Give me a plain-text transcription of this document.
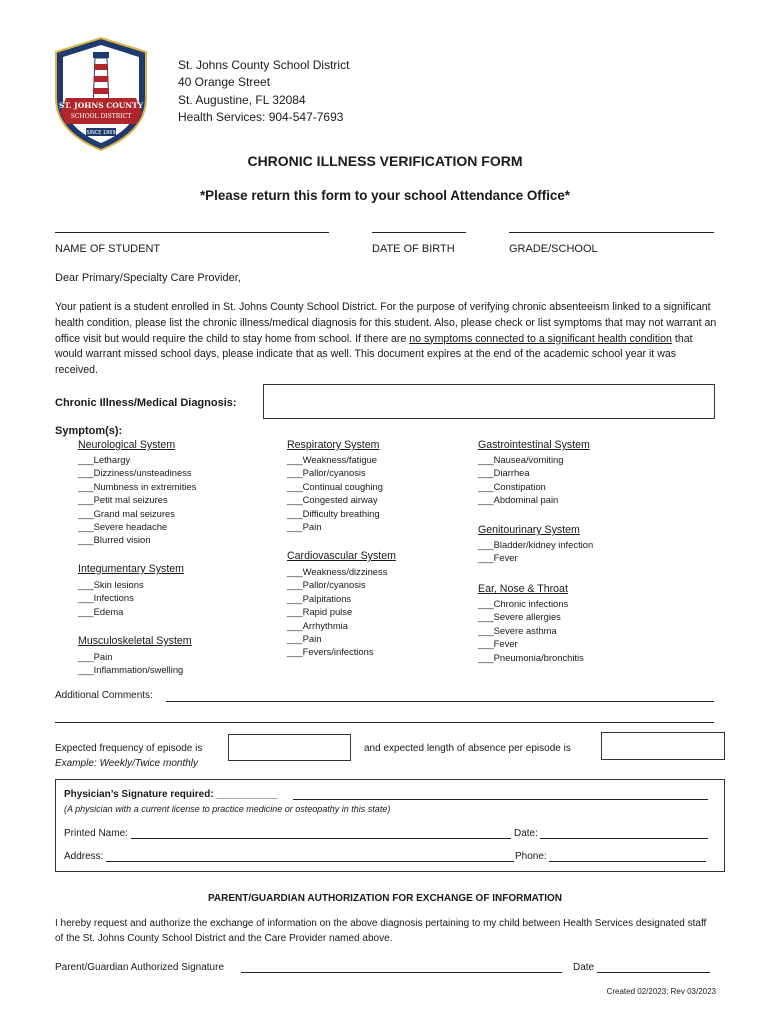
ST. JOHNS COUNTY
SCHOOL DISTRICT
SINCE 1869
St. Johns County School District
40 Orange Street
St. Augustine, FL 32084
Health Services: 904-547-7693
CHRONIC ILLNESS VERIFICATION FORM
*Please return this form to your school Attendance Office*
NAME OF STUDENT	DATE OF BIRTH	GRADE/SCHOOL
Dear Primary/Specialty Care Provider,
Your patient is a student enrolled in St. Johns County School District. For the purpose of verifying chronic absenteeism linked to a significant health condition, please list the chronic illness/medical diagnosis for this student. Also, please check or list symptoms that may not warrant an office visit but would require the child to stay home from school. If there are no symptoms connected to a significant health condition that would warrant missed school days, please indicate that as well. This document expires at the end of the academic school year it was received.
Chronic Illness/Medical Diagnosis:
Symptom(s):
Neurological System
___Lethargy
___Dizziness/unsteadiness
___Numbness in extremities
___Petit mal seizures
___Grand mal seizures
___Severe headache
___Blurred vision
Integumentary System
___Skin lesions
___Infections
___Edema
Musculoskeletal System
___Pain
___Inflammation/swelling
Respiratory System
___Weakness/fatigue
___Pallor/cyanosis
___Continual coughing
___Congested airway
___Difficulty breathing
___Pain
Cardiovascular System
___Weakness/dizziness
___Pallor/cyanosis
___Palpitations
___Rapid pulse
___Arrhythmia
___Pain
___Fevers/infections
Gastrointestinal System
___Nausea/vomiting
___Diarrhea
___Constipation
___Abdominal pain
Genitourinary System
___Bladder/kidney infection
___Fever
Ear, Nose & Throat
___Chronic infections
___Severe allergies
___Severe asthma
___Fever
___Pneumonia/bronchitis
Additional Comments:
Expected frequency of episode is
Example: Weekly/Twice monthly
and expected length of absence per episode is
Physician’s Signature required: ___________
(A physician with a current license to practice medicine or osteopathy in this state)
Printed Name:	Date:
Address:	Phone:
PARENT/GUARDIAN AUTHORIZATION FOR EXCHANGE OF INFORMATION
I hereby request and authorize the exchange of information on the above diagnosis pertaining to my child between Health Services designated staff of the St. Johns County School District and the Care Provider named above.
Parent/Guardian Authorized Signature	Date
Created 02/2023; Rev 03/2023
